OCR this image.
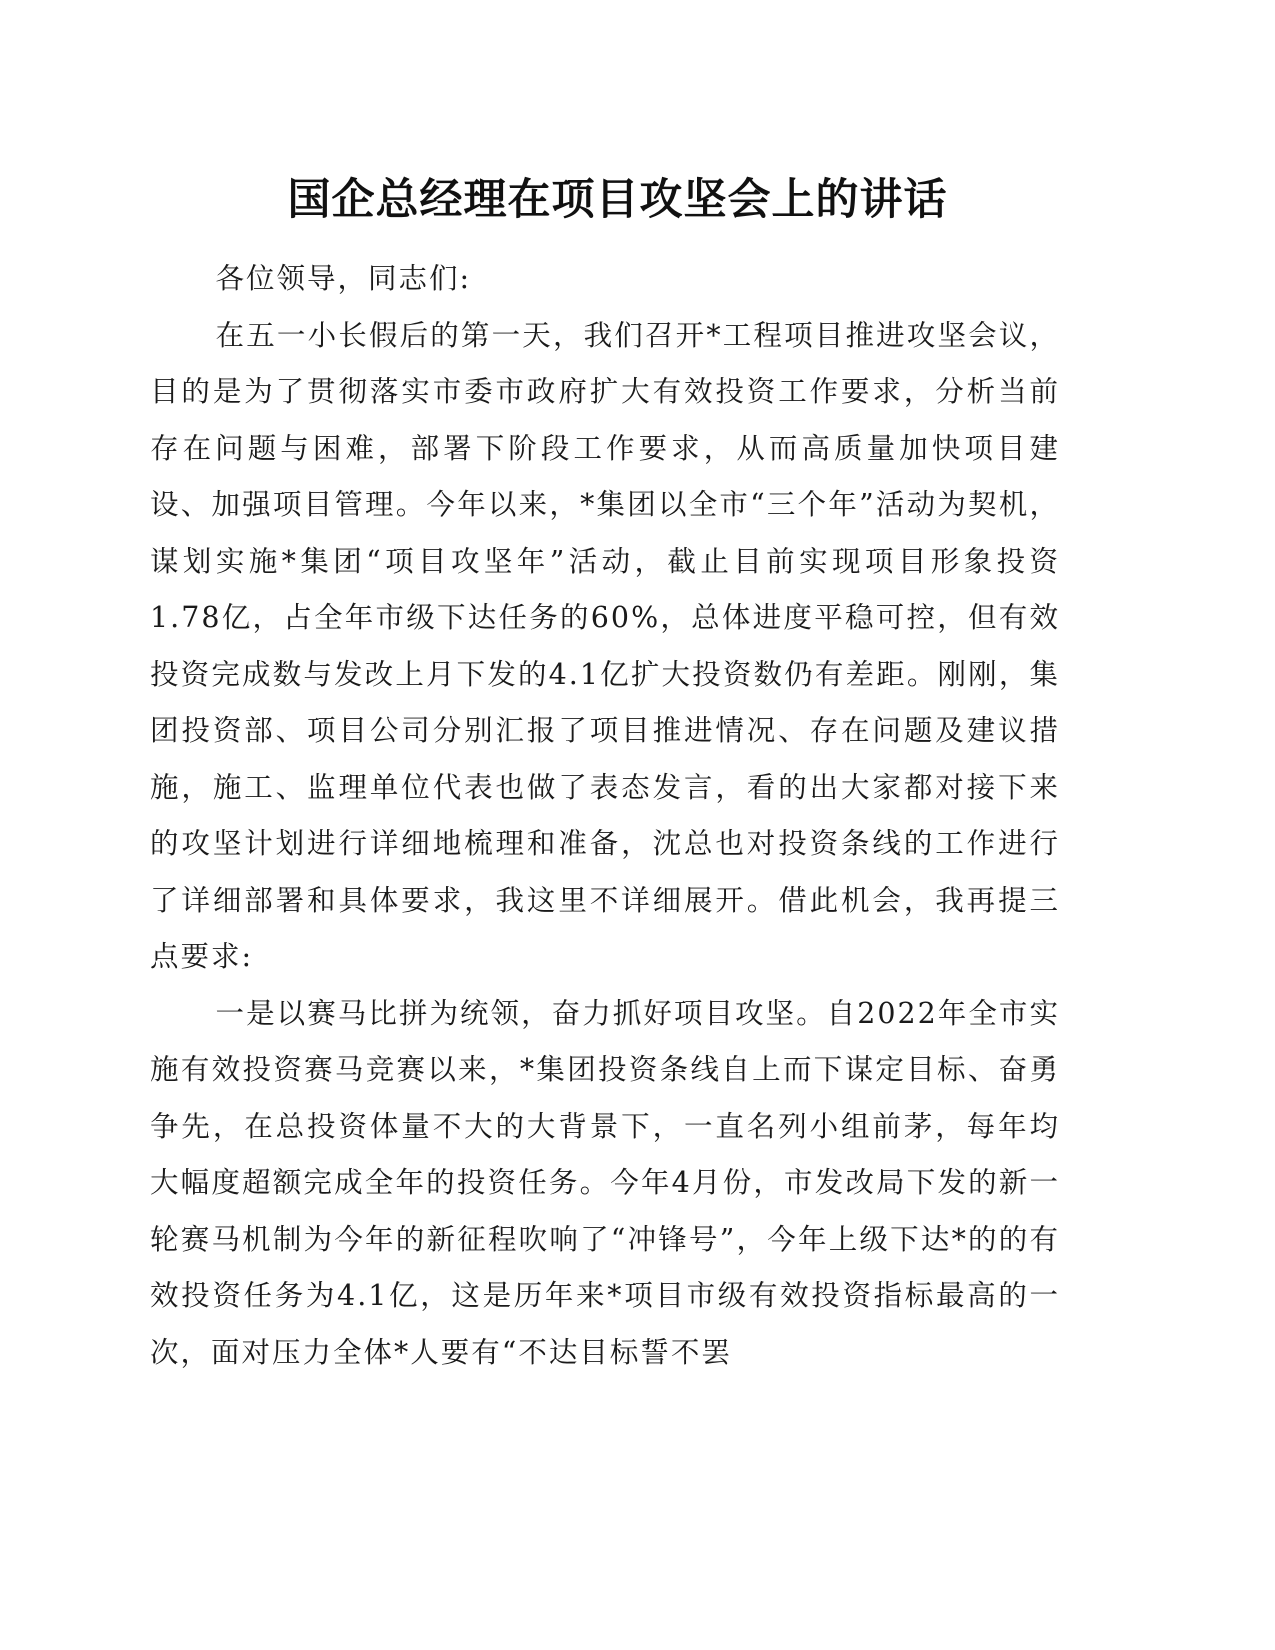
国企总经理在项目攻坚会上的讲话

各位领导，同志们:

在五一小长假后的第一天，我们召开*工程项目推进攻坚会议，目的是为了贯彻落实市委市政府扩大有效投资工作要求，分析当前存在问题与困难，部署下阶段工作要求，从而高质量加快项目建设、加强项目管理。今年以来，*集团以全市“三个年”活动为契机，谋划实施*集团“项目攻坚年”活动，截止目前实现项目形象投资1.78亿，占全年市级下达任务的60%，总体进度平稳可控，但有效投资完成数与发改上月下发的4.1亿扩大投资数仍有差距。刚刚，集团投资部、项目公司分别汇报了项目推进情况、存在问题及建议措施，施工、监理单位代表也做了表态发言，看的出大家都对接下来的攻坚计划进行详细地梳理和准备，沈总也对投资条线的工作进行了详细部署和具体要求，我这里不详细展开。借此机会，我再提三点要求:

一是以赛马比拼为统领，奋力抓好项目攻坚。自2022年全市实施有效投资赛马竞赛以来，*集团投资条线自上而下谋定目标、奋勇争先，在总投资体量不大的大背景下，一直名列小组前茅，每年均大幅度超额完成全年的投资任务。今年4月份，市发改局下发的新一轮赛马机制为今年的新征程吹响了“冲锋号”，今年上级下达*的的有效投资任务为4.1亿，这是历年来*项目市级有效投资指标最高的一次，面对压力全体*人要有“不达目标誓不罢
